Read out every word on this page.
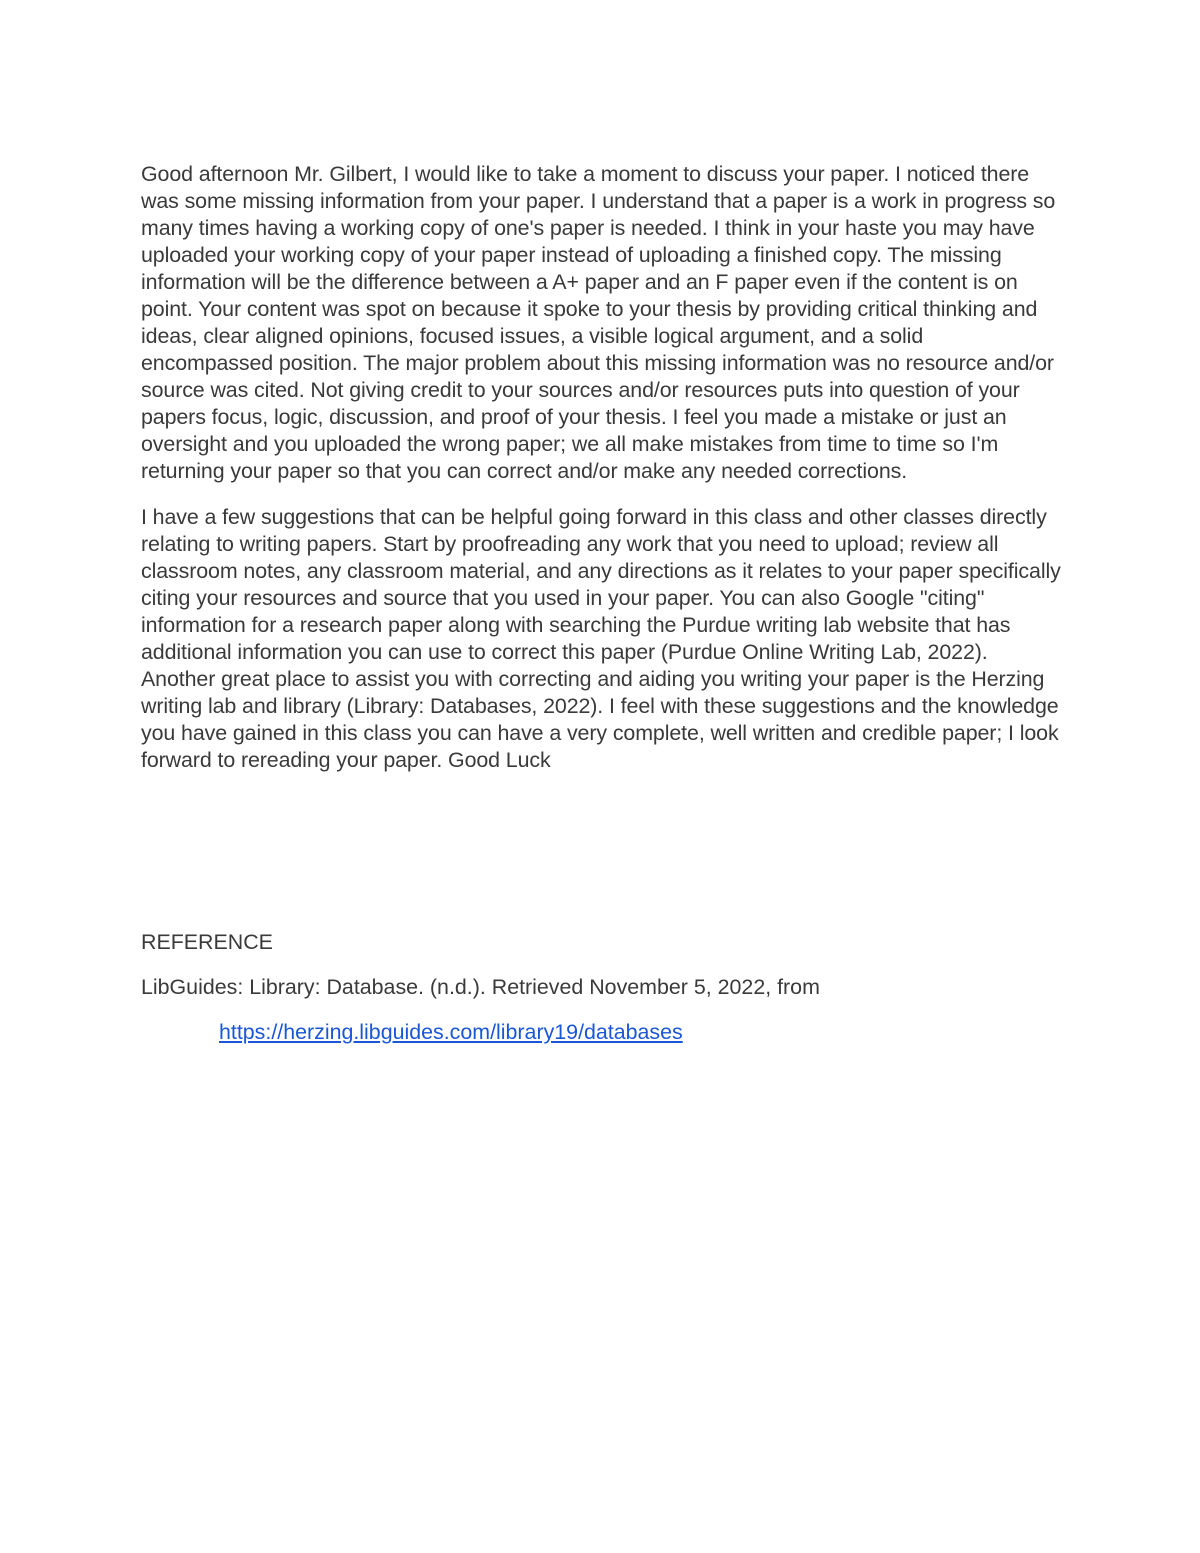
Good afternoon Mr. Gilbert, I would like to take a moment to discuss your paper. I noticed there was some missing information from your paper. I understand that a paper is a work in progress so many times having a working copy of one's paper is needed. I think in your haste you may have uploaded your working copy of your paper instead of uploading a finished copy. The missing information will be the difference between a A+ paper and an F paper even if the content is on point. Your content was spot on because it spoke to your thesis by providing critical thinking and ideas, clear aligned opinions, focused issues, a visible logical argument, and a solid encompassed position. The major problem about this missing information was no resource and/or source was cited. Not giving credit to your sources and/or resources puts into question of your papers focus, logic, discussion, and proof of your thesis. I feel you made a mistake or just an oversight and you uploaded the wrong paper; we all make mistakes from time to time so I'm returning your paper so that you can correct and/or make any needed corrections.

I have a few suggestions that can be helpful going forward in this class and other classes directly relating to writing papers. Start by proofreading any work that you need to upload; review all classroom notes, any classroom material, and any directions as it relates to your paper specifically citing your resources and source that you used in your paper. You can also Google "citing" information for a research paper along with searching the Purdue writing lab website that has additional information you can use to correct this paper (Purdue Online Writing Lab, 2022). Another great place to assist you with correcting and aiding you writing your paper is the Herzing writing lab and library (Library: Databases, 2022). I feel with these suggestions and the knowledge you have gained in this class you can have a very complete, well written and credible paper; I look forward to rereading your paper. Good Luck

REFERENCE

LibGuides: Library: Database. (n.d.). Retrieved November 5, 2022, from

https://herzing.libguides.com/library19/databases
